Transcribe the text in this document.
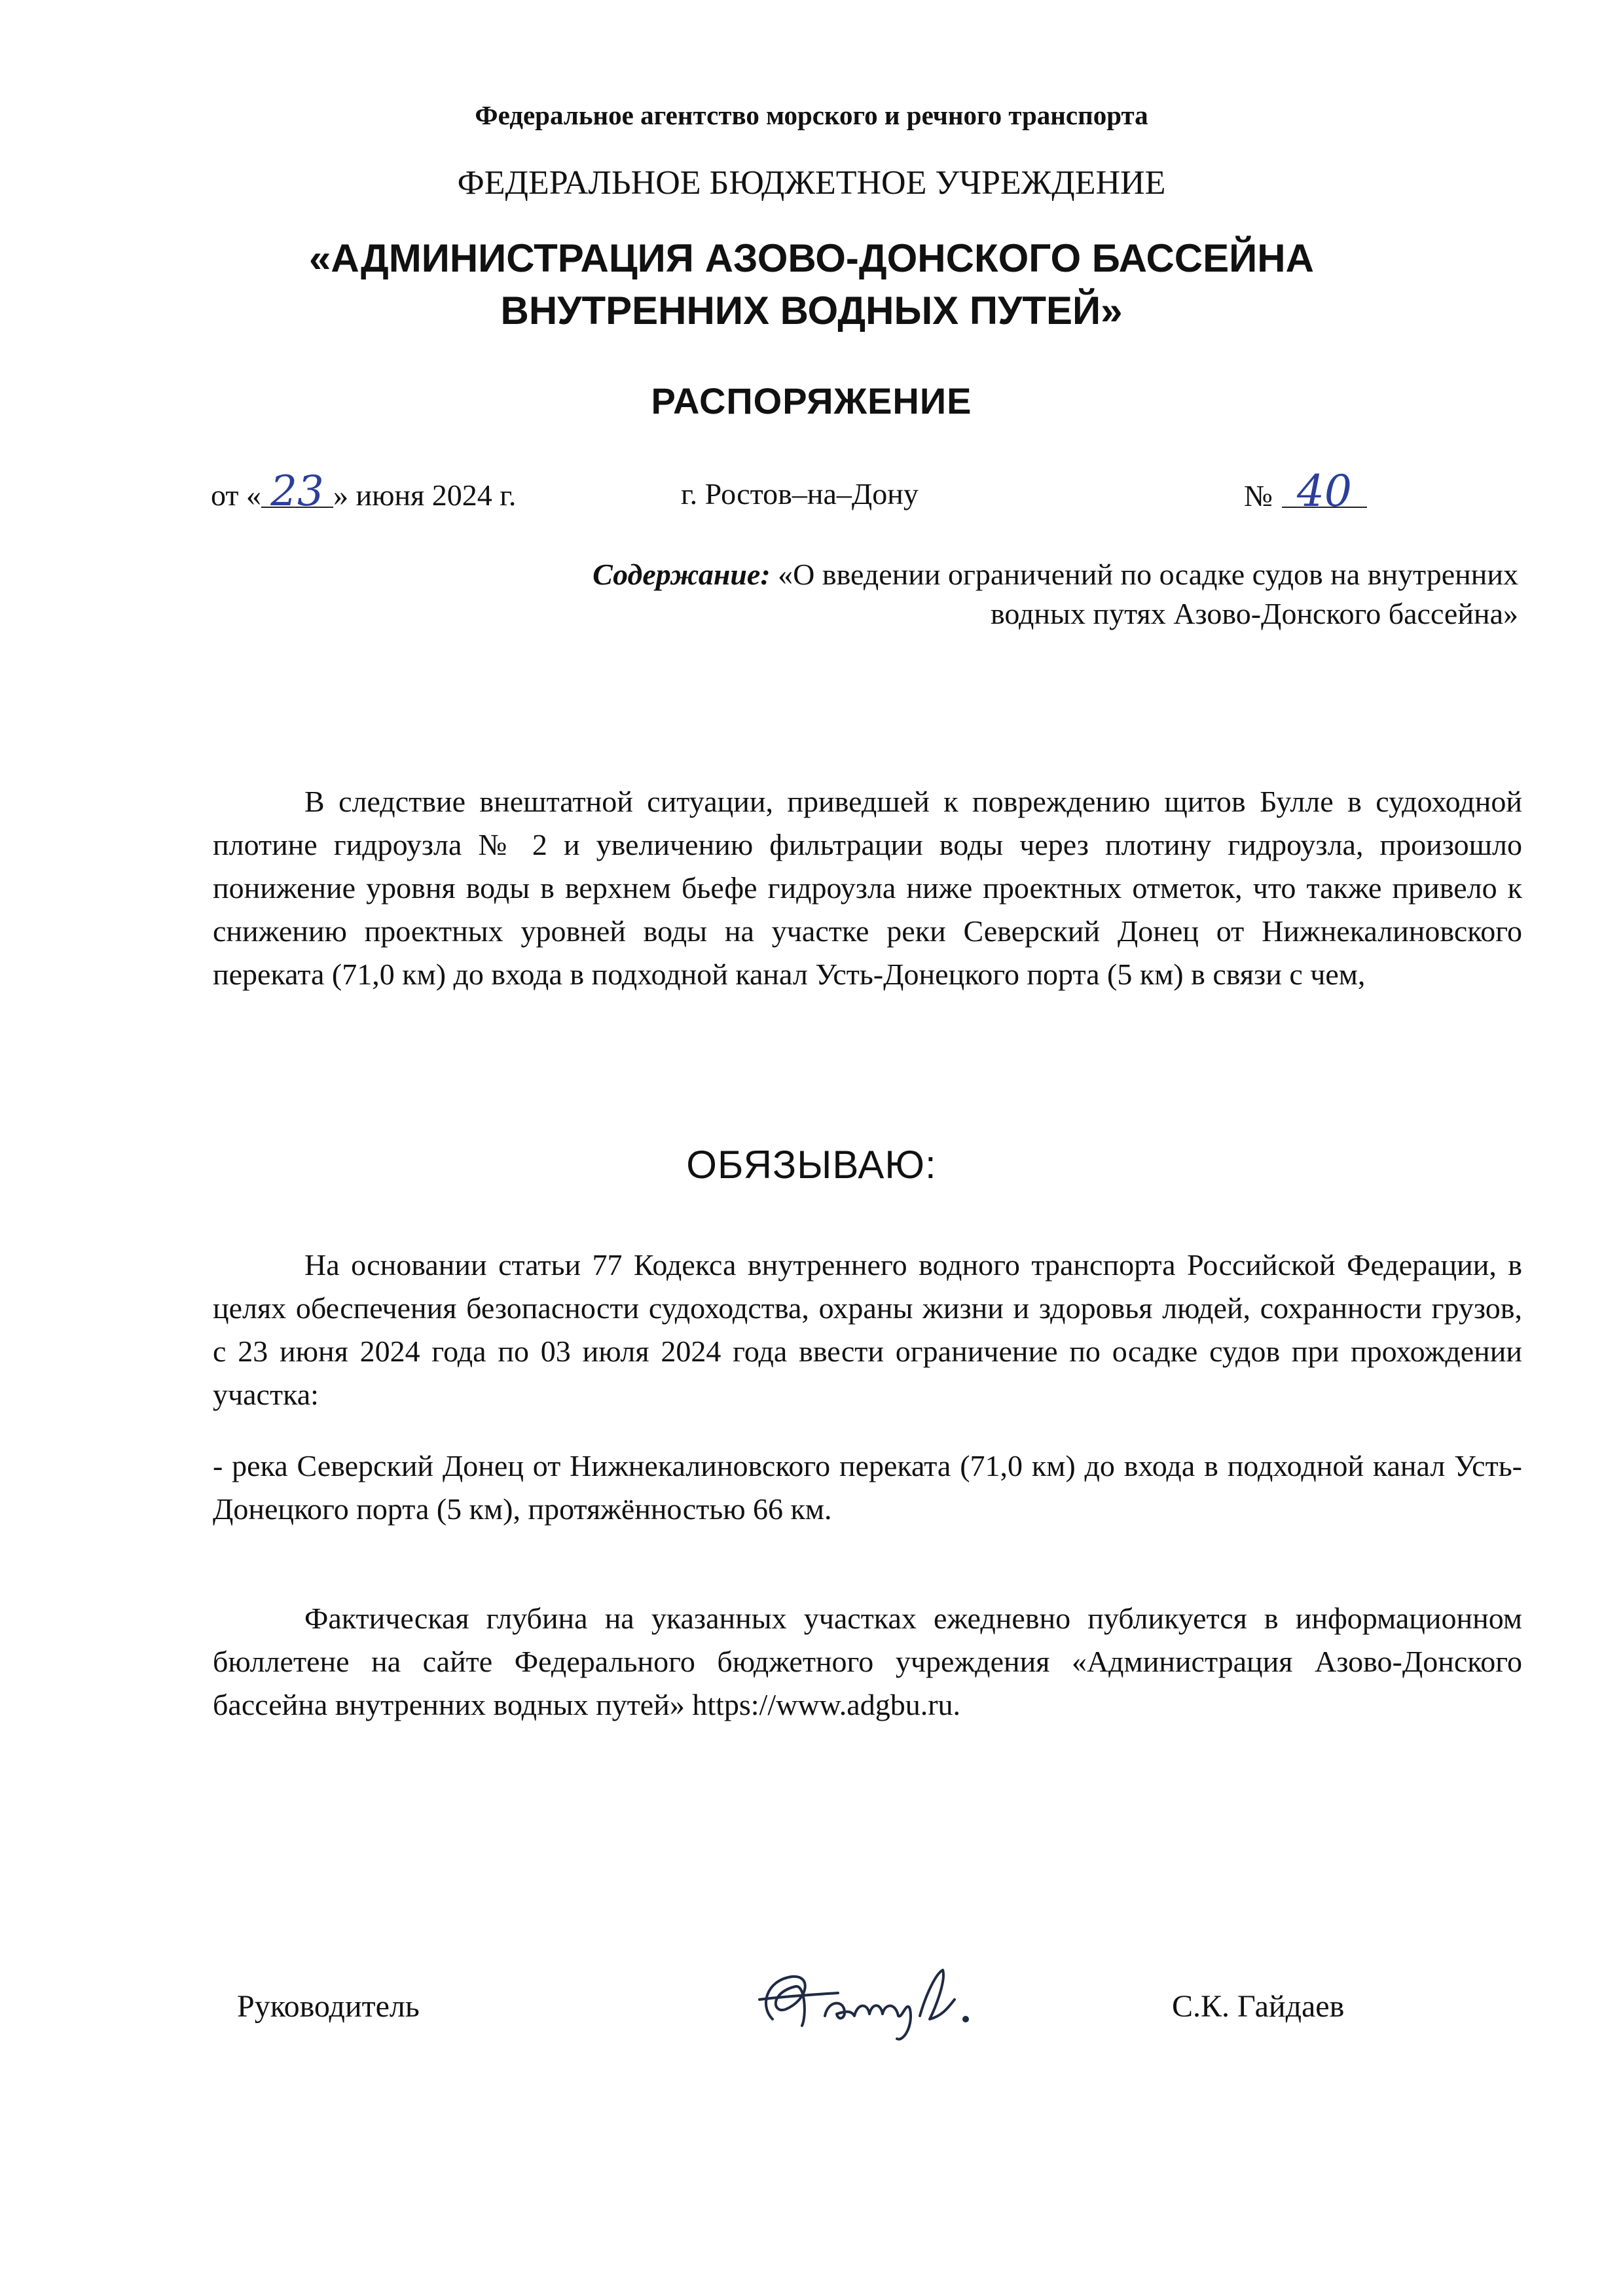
Федеральное агентство морского и речного транспорта
ФЕДЕРАЛЬНОЕ БЮДЖЕТНОЕ УЧРЕЖДЕНИЕ
«АДМИНИСТРАЦИЯ АЗОВО-ДОНСКОГО БАССЕЙНА
ВНУТРЕННИХ ВОДНЫХ ПУТЕЙ»
РАСПОРЯЖЕНИЕ
от « 23 » июня 2024 г.	г. Ростов–на–Дону	№ 40
Содержание: «О введении ограничений по осадке судов на внутренних
водных путях Азово-Донского бассейна»

В следствие внештатной ситуации, приведшей к повреждению щитов Булле в судоходной плотине гидроузла № 2 и увеличению фильтрации воды через плотину гидроузла, произошло понижение уровня воды в верхнем бьефе гидроузла ниже проектных отметок, что также привело к снижению проектных уровней воды на участке реки Северский Донец от Нижнекалиновского переката (71,0 км) до входа в подходной канал Усть-Донецкого порта (5 км) в связи с чем,

ОБЯЗЫВАЮ:

На основании статьи 77 Кодекса внутреннего водного транспорта Российской Федерации, в целях обеспечения безопасности судоходства, охраны жизни и здоровья людей, сохранности грузов, с 23 июня 2024 года по 03 июля 2024 года ввести ограничение по осадке судов при прохождении участка:

- река Северский Донец от Нижнекалиновского переката (71,0 км) до входа в подходной канал Усть-Донецкого порта (5 км), протяжённостью 66 км.

Фактическая глубина на указанных участках ежедневно публикуется в информационном бюллетене на сайте Федерального бюджетного учреждения «Администрация Азово-Донского бассейна внутренних водных путей» https://www.adgbu.ru.

Руководитель	С.К. Гайдаев
